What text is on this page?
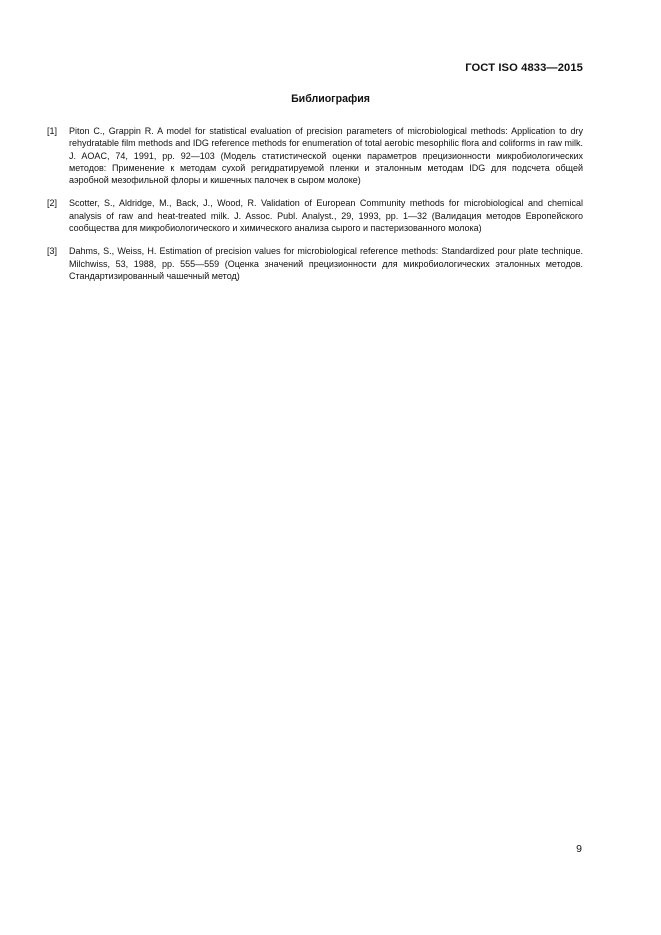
ГОСТ ISO 4833—2015
Библиография
[1]	Piton C., Grappin R. A model for statistical evaluation of precision parameters of microbiological methods: Application to dry rehydratable film methods and IDG reference methods for enumeration of total aerobic mesophilic flora and coliforms in raw milk. J. AOAC, 74, 1991, pp. 92—103 (Модель статистической оценки параметров прецизионности микробиологических методов: Применение к методам сухой регидратируемой пленки и эталонным методам IDG для подсчета общей аэробной мезофильной флоры и кишечных палочек в сыром молоке)
[2]	Scotter, S., Aldridge, M., Back, J., Wood, R. Validation of European Community methods for microbiological and chemical analysis of raw and heat-treated milk. J. Assoc. Publ. Analyst., 29, 1993, pp. 1—32 (Валидация методов Европейского сообщества для микробиологического и химического анализа сырого и пастеризованного молока)
[3]	Dahms, S., Weiss, H. Estimation of precision values for microbiological reference methods: Standardized pour plate technique. Milchwiss, 53, 1988, pp. 555—559 (Оценка значений прецизионности для микробиологических эталонных методов. Стандартизированный чашечный метод)
9
